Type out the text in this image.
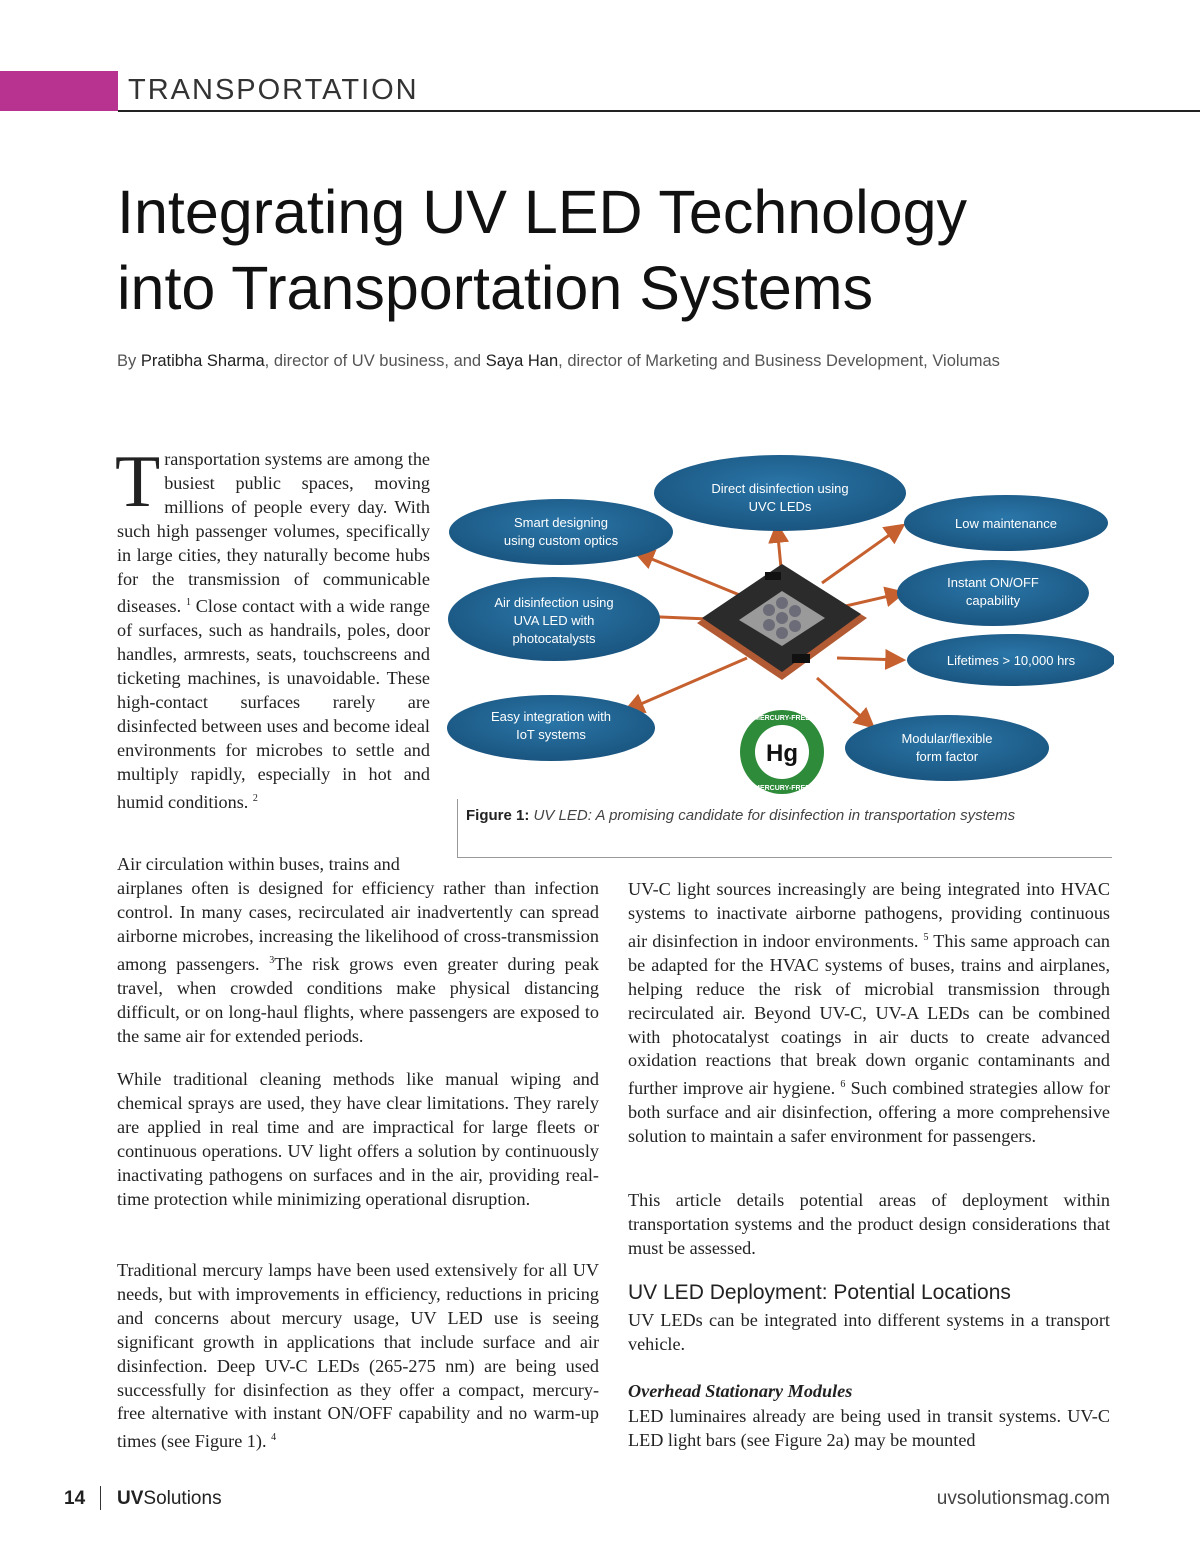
TRANSPORTATION
Integrating UV LED Technology
into Transportation Systems
By Pratibha Sharma, director of UV business, and Saya Han, director of Marketing and Business Development, Violumas

Transportation systems are among the busiest public spaces, moving millions of people every day. With such high passenger volumes, specifically in large cities, they naturally become hubs for the transmission of communicable diseases. $^1$ Close contact with a wide range of surfaces, such as handrails, poles, door handles, armrests, seats, touchscreens and ticketing machines, is unavoidable. These high-contact surfaces rarely are disinfected between uses and become ideal environments for microbes to settle and multiply rapidly, especially in hot and humid conditions. $^2$

Air circulation within buses, trains and

airplanes often is designed for efficiency rather than infection control. In many cases, recirculated air inadvertently can spread airborne microbes, increasing the likelihood of cross-transmission among passengers. $^3$The risk grows even greater during peak travel, when crowded conditions make physical distancing difficult, or on long-haul flights, where passengers are exposed to the same air for extended periods.

While traditional cleaning methods like manual wiping and chemical sprays are used, they have clear limitations. They rarely are applied in real time and are impractical for large fleets or continuous operations. UV light offers a solution by continuously inactivating pathogens on surfaces and in the air, providing real-time protection while minimizing operational disruption.

Traditional mercury lamps have been used extensively for all UV needs, but with improvements in efficiency, reductions in pricing and concerns about mercury usage, UV LED use is seeing significant growth in applications that include surface and air disinfection. Deep UV-C LEDs (265-275 nm) are being used successfully for disinfection as they offer a compact, mercury-free alternative with instant ON/OFF capability and no warm-up times (see Figure 1). $^4$

UV-C light sources increasingly are being integrated into HVAC systems to inactivate airborne pathogens, providing continuous air disinfection in indoor environments. $^5$ This same approach can be adapted for the HVAC systems of buses, trains and airplanes, helping reduce the risk of microbial transmission through recirculated air. Beyond UV-C, UV-A LEDs can be combined with photocatalyst coatings in air ducts to create advanced oxidation reactions that break down organic contaminants and further improve air hygiene. $^6$ Such combined strategies allow for both surface and air disinfection, offering a more comprehensive solution to maintain a safer environment for passengers.

This article details potential areas of deployment within transportation systems and the product design considerations that must be assessed.

UV LED Deployment: Potential Locations

UV LEDs can be integrated into different systems in a transport vehicle.

Overhead Stationary Modules

LED luminaires already are being used in transit systems. UV-C LED light bars (see Figure 2a) may be mounted

Direct disinfection using
UVC LEDs
Smart designing
using custom optics
Air disinfection using
UVA LED with
photocatalysts
Easy integration with
IoT systems
Low maintenance
Instant ON/OFF
capability
Lifetimes > 10,000 hrs
Modular/flexible
form factor
Hg
MERCURY-FREE
MERCURY-FREE
Figure 1: UV LED: A promising candidate for disinfection in transportation systems
14 UVSolutions	uvsolutionsmag.com
